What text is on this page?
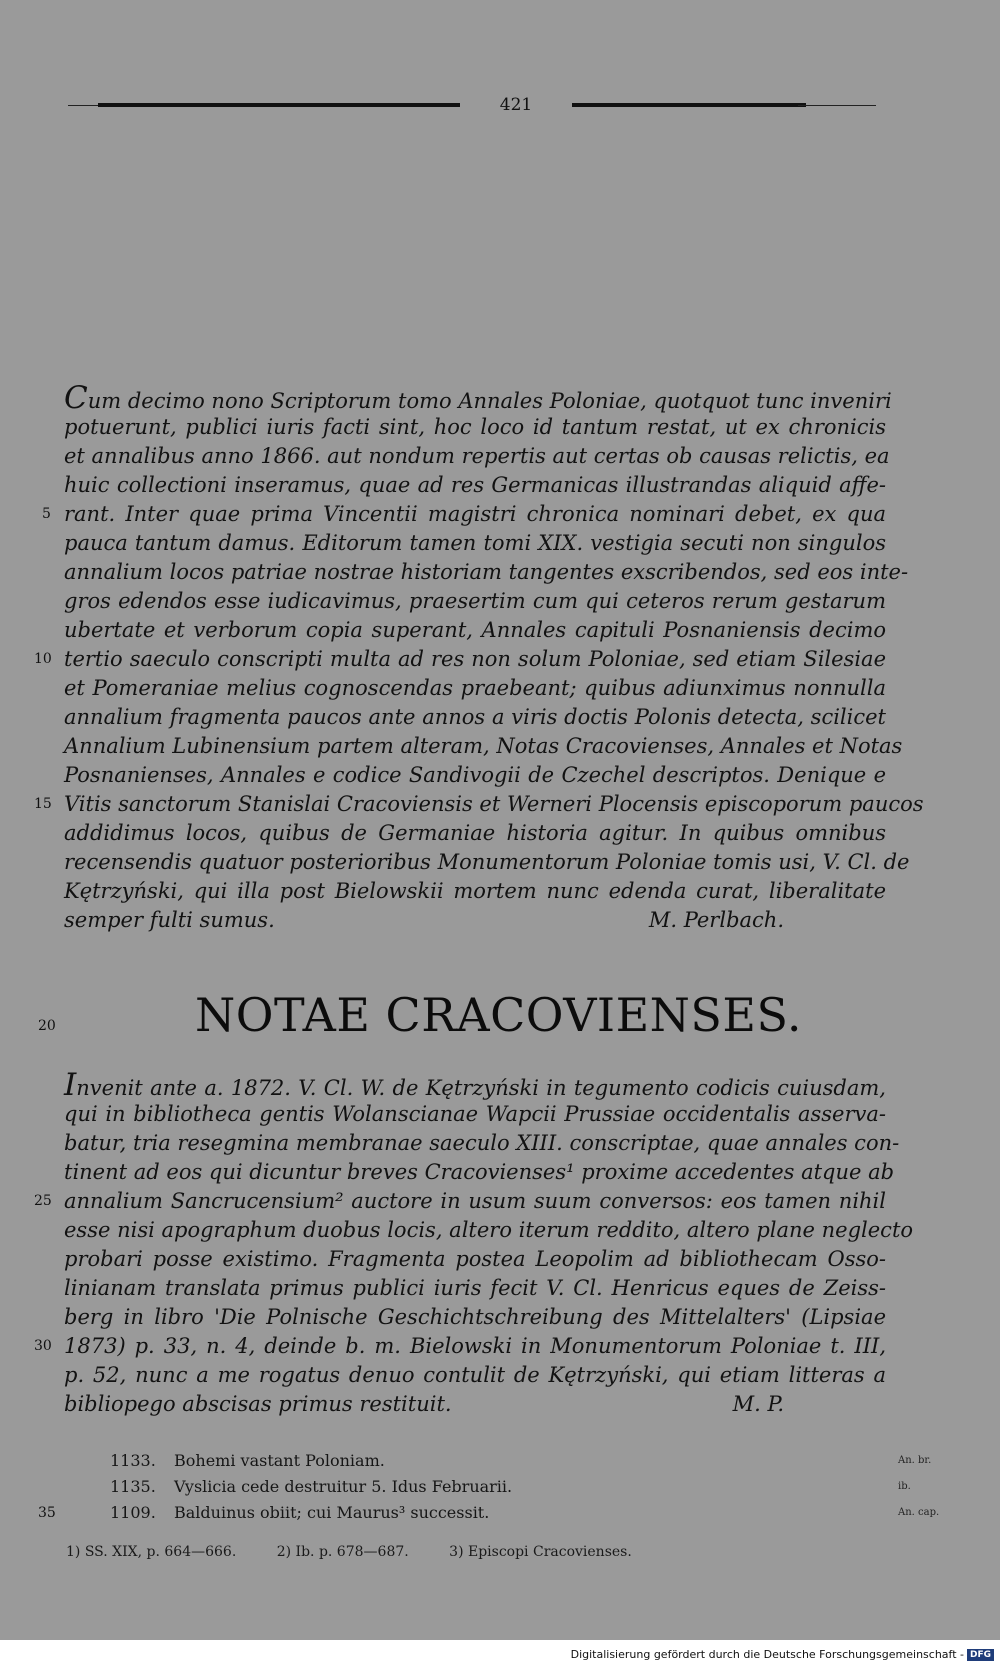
421
Cum decimo nono Scriptorum tomo Annales Poloniae, quotquot tunc inveniri
potuerunt, publici iuris facti sint, hoc loco id tantum restat, ut ex chronicis
et annalibus anno 1866. aut nondum repertis aut certas ob causas relictis, ea
huic collectioni inseramus, quae ad res Germanicas illustrandas aliquid affe-
5 rant. Inter quae prima Vincentii magistri chronica nominari debet, ex qua
pauca tantum damus. Editorum tamen tomi XIX. vestigia secuti non singulos
annalium locos patriae nostrae historiam tangentes exscribendos, sed eos inte-
gros edendos esse iudicavimus, praesertim cum qui ceteros rerum gestarum
ubertate et verborum copia superant, Annales capituli Posnaniensis decimo
10 tertio saeculo conscripti multa ad res non solum Poloniae, sed etiam Silesiae
et Pomeraniae melius cognoscendas praebeant; quibus adiunximus nonnulla
annalium fragmenta paucos ante annos a viris doctis Polonis detecta, scilicet
Annalium Lubinensium partem alteram, Notas Cracovienses, Annales et Notas
Posnanienses, Annales e codice Sandivogii de Czechel descriptos. Denique e
15 Vitis sanctorum Stanislai Cracoviensis et Werneri Plocensis episcoporum paucos
addidimus locos, quibus de Germaniae historia agitur. In quibus omnibus
recensendis quatuor posterioribus Monumentorum Poloniae tomis usi, V. Cl. de
Kętrzyński, qui illa post Bielowskii mortem nunc edenda curat, liberalitate
semper fulti sumus.	M. Perlbach.
20	NOTAE CRACOVIENSES.
Invenit ante a. 1872. V. Cl. W. de Kętrzyński in tegumento codicis cuiusdam,
qui in bibliotheca gentis Wolanscianae Wapcii Prussiae occidentalis asserva-
batur, tria resegmina membranae saeculo XIII. conscriptae, quae annales con-
tinent ad eos qui dicuntur breves Cracovienses¹ proxime accedentes atque ab
25 annalium Sancrucensium² auctore in usum suum conversos: eos tamen nihil
esse nisi apographum duobus locis, altero iterum reddito, altero plane neglecto
probari posse existimo. Fragmenta postea Leopolim ad bibliothecam Osso-
linianam translata primus publici iuris fecit V. Cl. Henricus eques de Zeiss-
berg in libro 'Die Polnische Geschichtschreibung des Mittelalters' (Lipsiae
30 1873) p. 33, n. 4, deinde b. m. Bielowski in Monumentorum Poloniae t. III,
p. 52, nunc a me rogatus denuo contulit de Kętrzyński, qui etiam litteras a
bibliopego abscisas primus restituit.	M. P.
1133.	Bohemi vastant Poloniam.	An. br.
1135.	Vyslicia cede destruitur 5. Idus Februarii.	ib.
35	1109.	Balduinus obiit; cui Maurus³ successit.	An. cap.
1) SS. XIX, p. 664—666.	2) Ib. p. 678—687.	3) Episcopi Cracovienses.
Digitalisierung gefördert durch die Deutsche Forschungsgemeinschaft - DFG
